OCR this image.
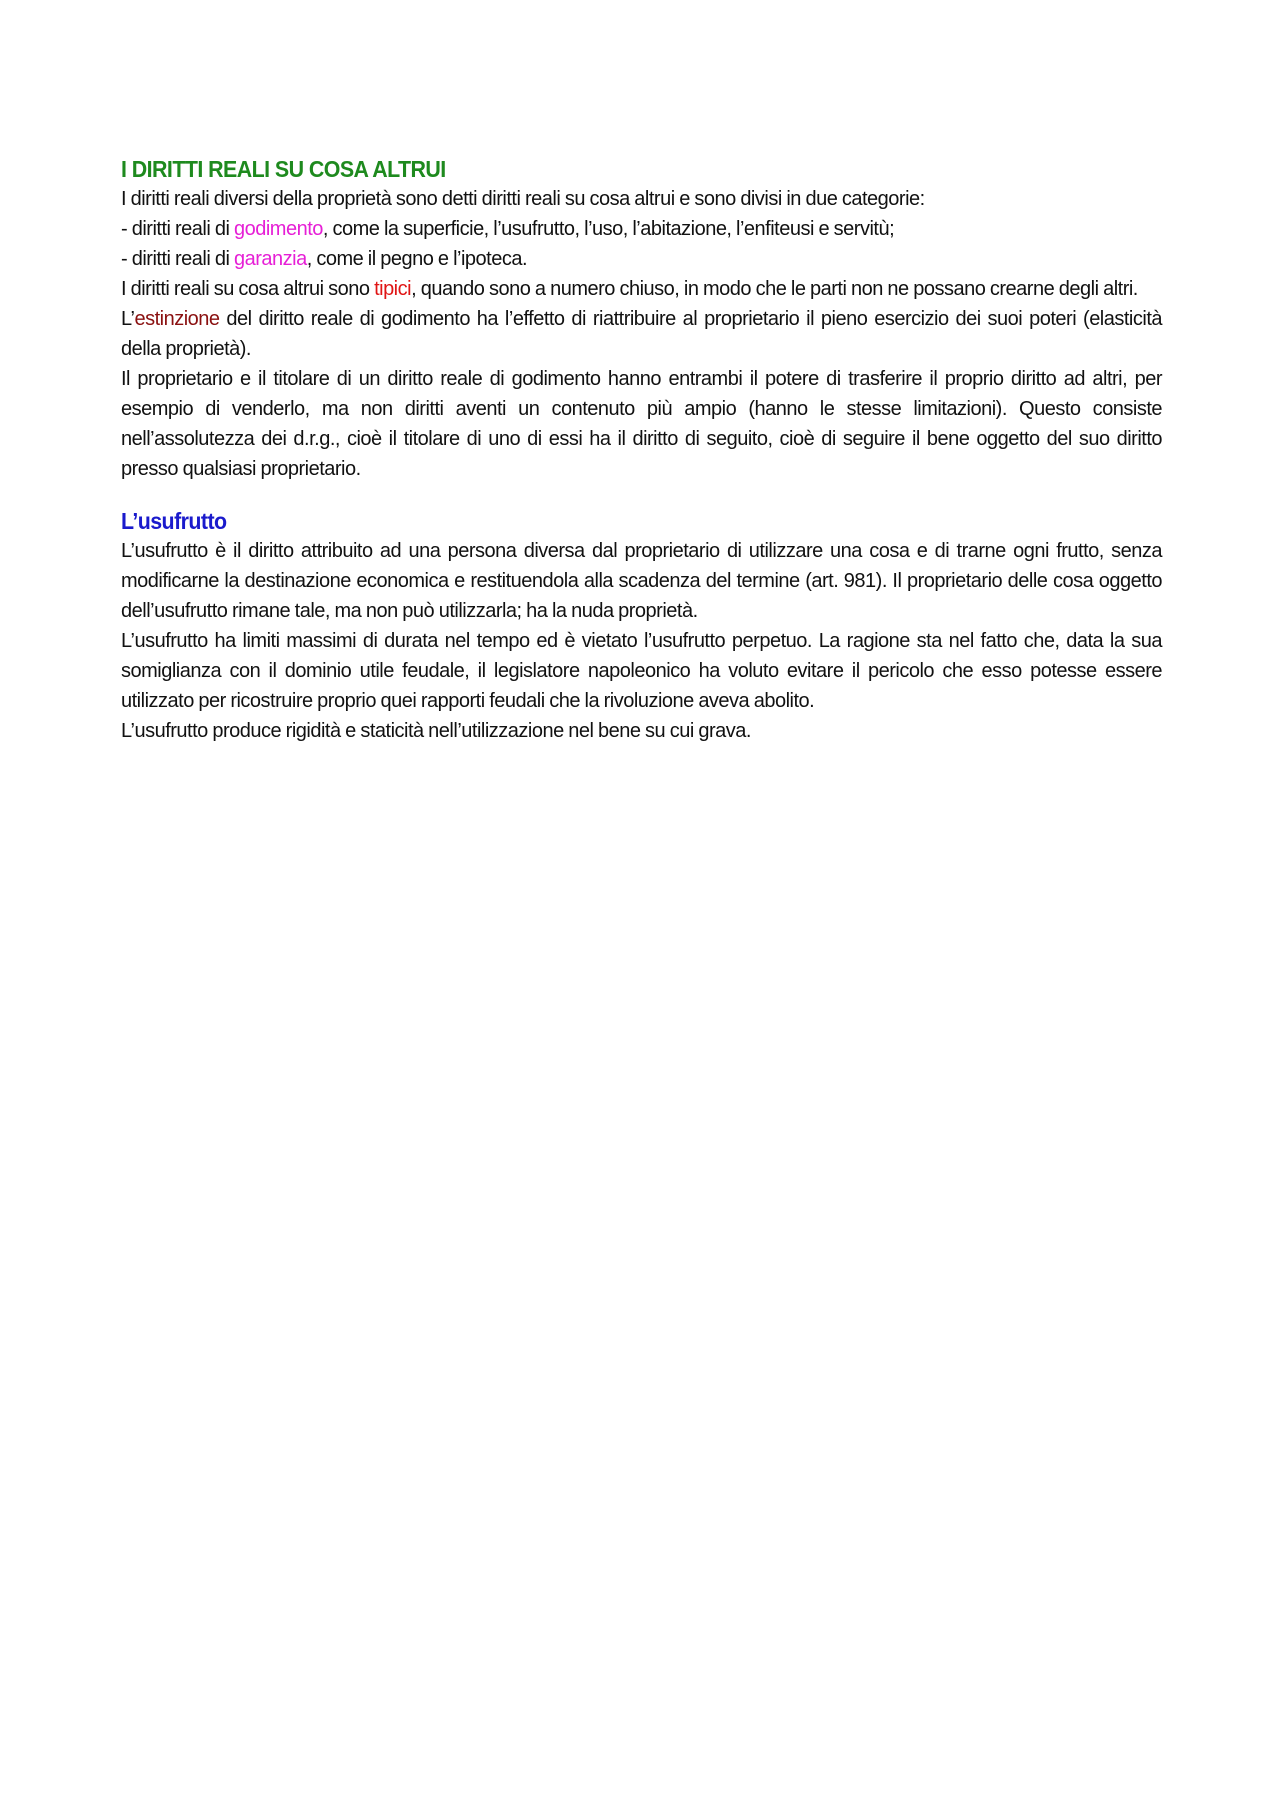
I DIRITTI REALI SU COSA ALTRUI

I diritti reali diversi della proprietà sono detti diritti reali su cosa altrui e sono divisi in due categorie:

- diritti reali di godimento, come la superficie, l’usufrutto, l’uso, l’abitazione, l’enfiteusi e servitù;

- diritti reali di garanzia, come il pegno e l’ipoteca.

I diritti reali su cosa altrui sono tipici, quando sono a numero chiuso, in modo che le parti non ne possano crearne degli altri.

L’estinzione del diritto reale di godimento ha l’effetto di riattribuire al proprietario il pieno esercizio dei suoi poteri (elasticità della proprietà).

Il proprietario e il titolare di un diritto reale di godimento hanno entrambi il potere di trasferire il proprio diritto ad altri, per esempio di venderlo, ma non diritti aventi un contenuto più ampio (hanno le stesse limitazioni). Questo consiste nell’assolutezza dei d.r.g., cioè il titolare di uno di essi ha il diritto di seguito, cioè di seguire il bene oggetto del suo diritto presso qualsiasi proprietario.

L’usufrutto

L’usufrutto è il diritto attribuito ad una persona diversa dal proprietario di utilizzare una cosa e di trarne ogni frutto, senza modificarne la destinazione economica e restituendola alla scadenza del termine (art. 981). Il proprietario delle cosa oggetto dell’usufrutto rimane tale, ma non può utilizzarla; ha la nuda proprietà.

L’usufrutto ha limiti massimi di durata nel tempo ed è vietato l’usufrutto perpetuo. La ragione sta nel fatto che, data la sua somiglianza con il dominio utile feudale, il legislatore napoleonico ha voluto evitare il pericolo che esso potesse essere utilizzato per ricostruire proprio quei rapporti feudali che la rivoluzione aveva abolito.

L’usufrutto produce rigidità e staticità nell’utilizzazione nel bene su cui grava.
